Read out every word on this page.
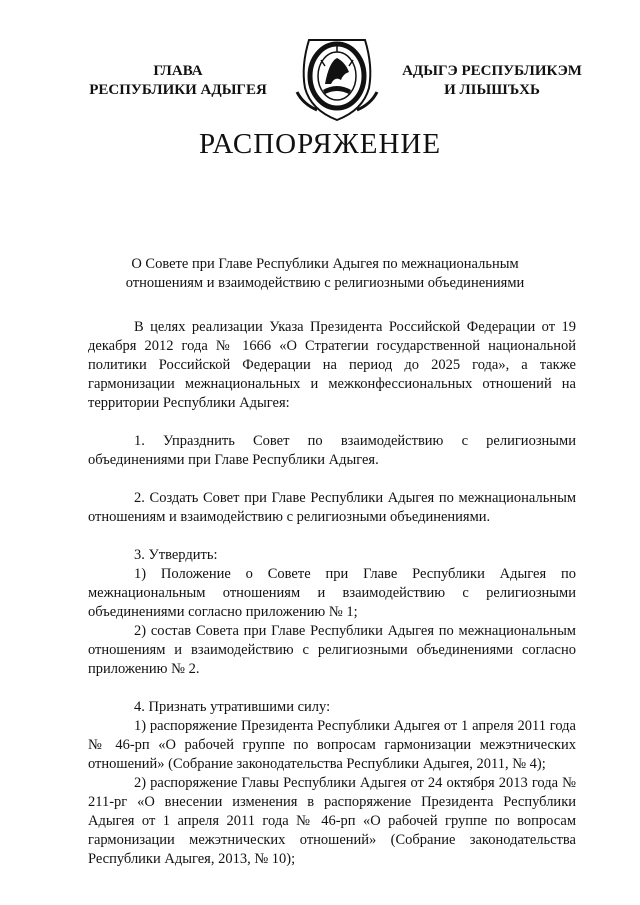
ГЛАВА
РЕСПУБЛИКИ АДЫГЕЯ
АДЫГЭ РЕСПУБЛИКЭМ
И ЛІЫШЪХЬ
РАСПОРЯЖЕНИЕ
О Совете при Главе Республики Адыгея по межнациональным
отношениям и взаимодействию с религиозными объединениями

В целях реализации Указа Президента Российской Федерации от 19 декабря 2012 года № 1666 «О Стратегии государственной национальной политики Российской Федерации на период до 2025 года», а также гармонизации межнациональных и межконфессиональных отношений на территории Республики Адыгея:

1. Упразднить Совет по взаимодействию с религиозными объединениями при Главе Республики Адыгея.

2. Создать Совет при Главе Республики Адыгея по межнациональным отношениям и взаимодействию с религиозными объединениями.

3. Утвердить:

1) Положение о Совете при Главе Республики Адыгея по межнациональным отношениям и взаимодействию с религиозными объединениями согласно приложению № 1;

2) состав Совета при Главе Республики Адыгея по межнациональным отношениям и взаимодействию с религиозными объединениями согласно приложению № 2.

4. Признать утратившими силу:

1) распоряжение Президента Республики Адыгея от 1 апреля 2011 года № 46-рп «О рабочей группе по вопросам гармонизации межэтнических отношений» (Собрание законодательства Республики Адыгея, 2011, № 4);

2) распоряжение Главы Республики Адыгея от 24 октября 2013 года № 211-рг «О внесении изменения в распоряжение Президента Республики Адыгея от 1 апреля 2011 года № 46-рп «О рабочей группе по вопросам гармонизации межэтнических отношений» (Собрание законодательства Республики Адыгея, 2013, № 10);
